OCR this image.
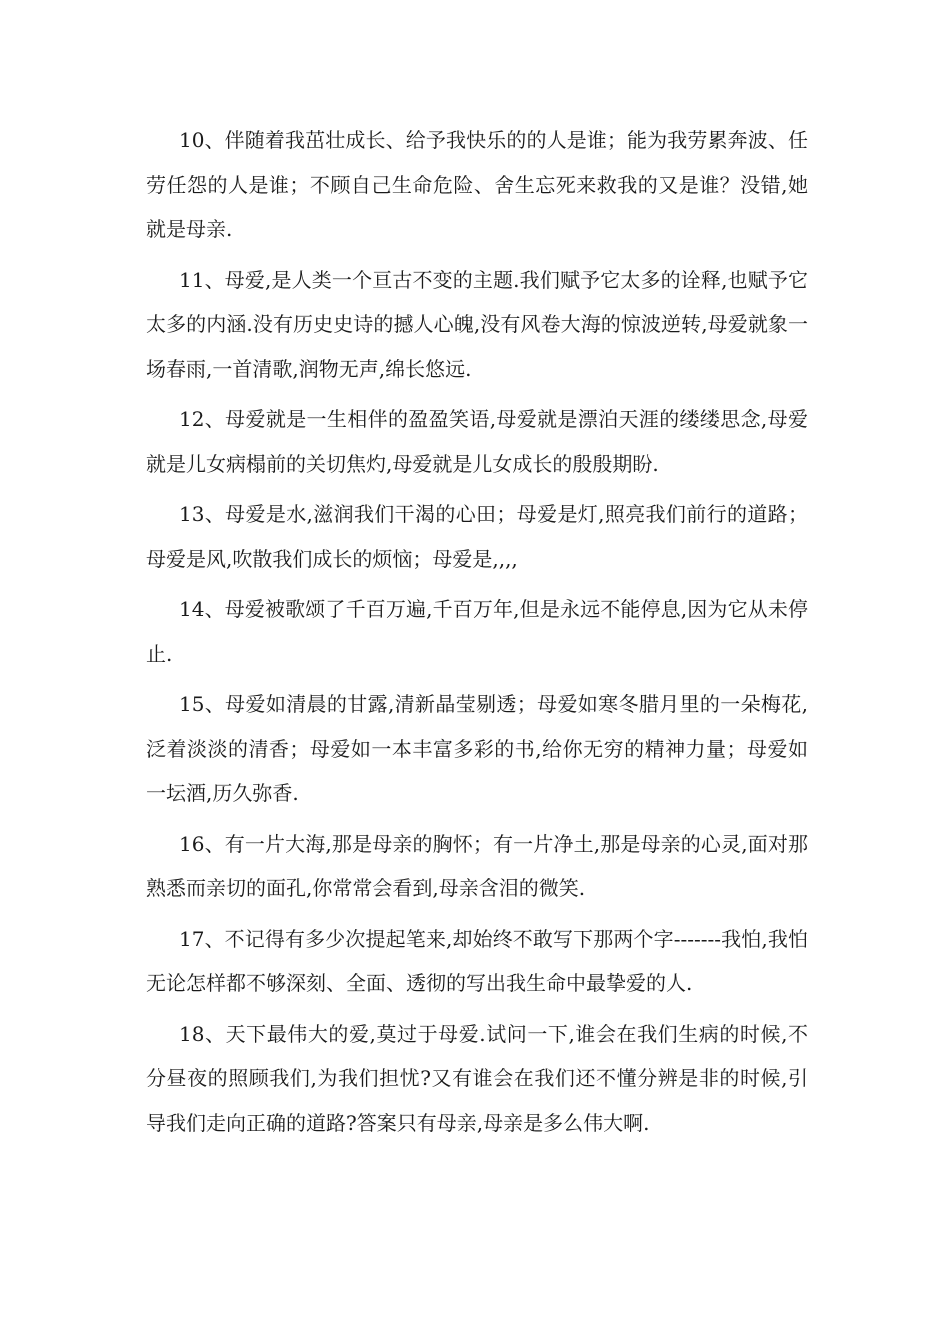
10、伴随着我茁壮成长、给予我快乐的的人是谁；能为我劳累奔波、任劳任怨的人是谁；不顾自己生命危险、舍生忘死来救我的又是谁？没错,她就是母亲.

11、母爱,是人类一个亘古不变的主题.我们赋予它太多的诠释,也赋予它太多的内涵.没有历史史诗的撼人心魄,没有风卷大海的惊波逆转,母爱就象一场春雨,一首清歌,润物无声,绵长悠远.

12、母爱就是一生相伴的盈盈笑语,母爱就是漂泊天涯的缕缕思念,母爱就是儿女病榻前的关切焦灼,母爱就是儿女成长的殷殷期盼.

13、母爱是水,滋润我们干渴的心田；母爱是灯,照亮我们前行的道路；母爱是风,吹散我们成长的烦恼；母爱是,,,,

14、母爱被歌颂了千百万遍,千百万年,但是永远不能停息,因为它从未停止.

15、母爱如清晨的甘露,清新晶莹剔透；母爱如寒冬腊月里的一朵梅花,泛着淡淡的清香；母爱如一本丰富多彩的书,给你无穷的精神力量；母爱如一坛酒,历久弥香.

16、有一片大海,那是母亲的胸怀；有一片净土,那是母亲的心灵,面对那熟悉而亲切的面孔,你常常会看到,母亲含泪的微笑.

17、不记得有多少次提起笔来,却始终不敢写下那两个字-------我怕,我怕无论怎样都不够深刻、全面、透彻的写出我生命中最挚爱的人.

18、天下最伟大的爱,莫过于母爱.试问一下,谁会在我们生病的时候,不分昼夜的照顾我们,为我们担忧?又有谁会在我们还不懂分辨是非的时候,引导我们走向正确的道路?答案只有母亲,母亲是多么伟大啊.
